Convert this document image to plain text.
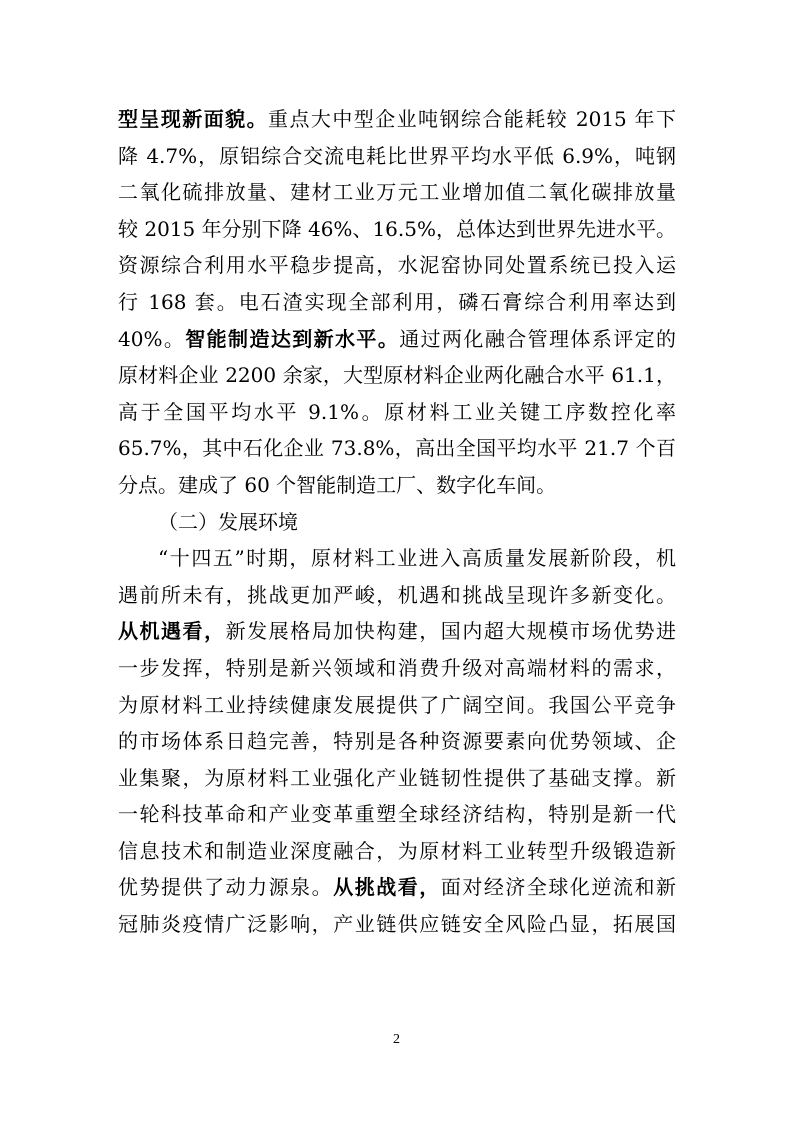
型呈现新面貌。重点大中型企业吨钢综合能耗较 2015 年下
降 4.7%，原铝综合交流电耗比世界平均水平低 6.9%，吨钢
二氧化硫排放量、建材工业万元工业增加值二氧化碳排放量
较 2015 年分别下降 46%、16.5%，总体达到世界先进水平。
资源综合利用水平稳步提高，水泥窑协同处置系统已投入运
行 168 套。电石渣实现全部利用，磷石膏综合利用率达到
40%。智能制造达到新水平。通过两化融合管理体系评定的
原材料企业 2200 余家，大型原材料企业两化融合水平 61.1，
高于全国平均水平 9.1%。原材料工业关键工序数控化率
65.7%，其中石化企业 73.8%，高出全国平均水平 21.7 个百
分点。建成了 60 个智能制造工厂、数字化车间。
（二）发展环境
“十四五”时期，原材料工业进入高质量发展新阶段，机
遇前所未有，挑战更加严峻，机遇和挑战呈现许多新变化。
从机遇看，新发展格局加快构建，国内超大规模市场优势进
一步发挥，特别是新兴领域和消费升级对高端材料的需求，
为原材料工业持续健康发展提供了广阔空间。我国公平竞争
的市场体系日趋完善，特别是各种资源要素向优势领域、企
业集聚，为原材料工业强化产业链韧性提供了基础支撑。新
一轮科技革命和产业变革重塑全球经济结构，特别是新一代
信息技术和制造业深度融合，为原材料工业转型升级锻造新
优势提供了动力源泉。从挑战看，面对经济全球化逆流和新
冠肺炎疫情广泛影响，产业链供应链安全风险凸显，拓展国
2
